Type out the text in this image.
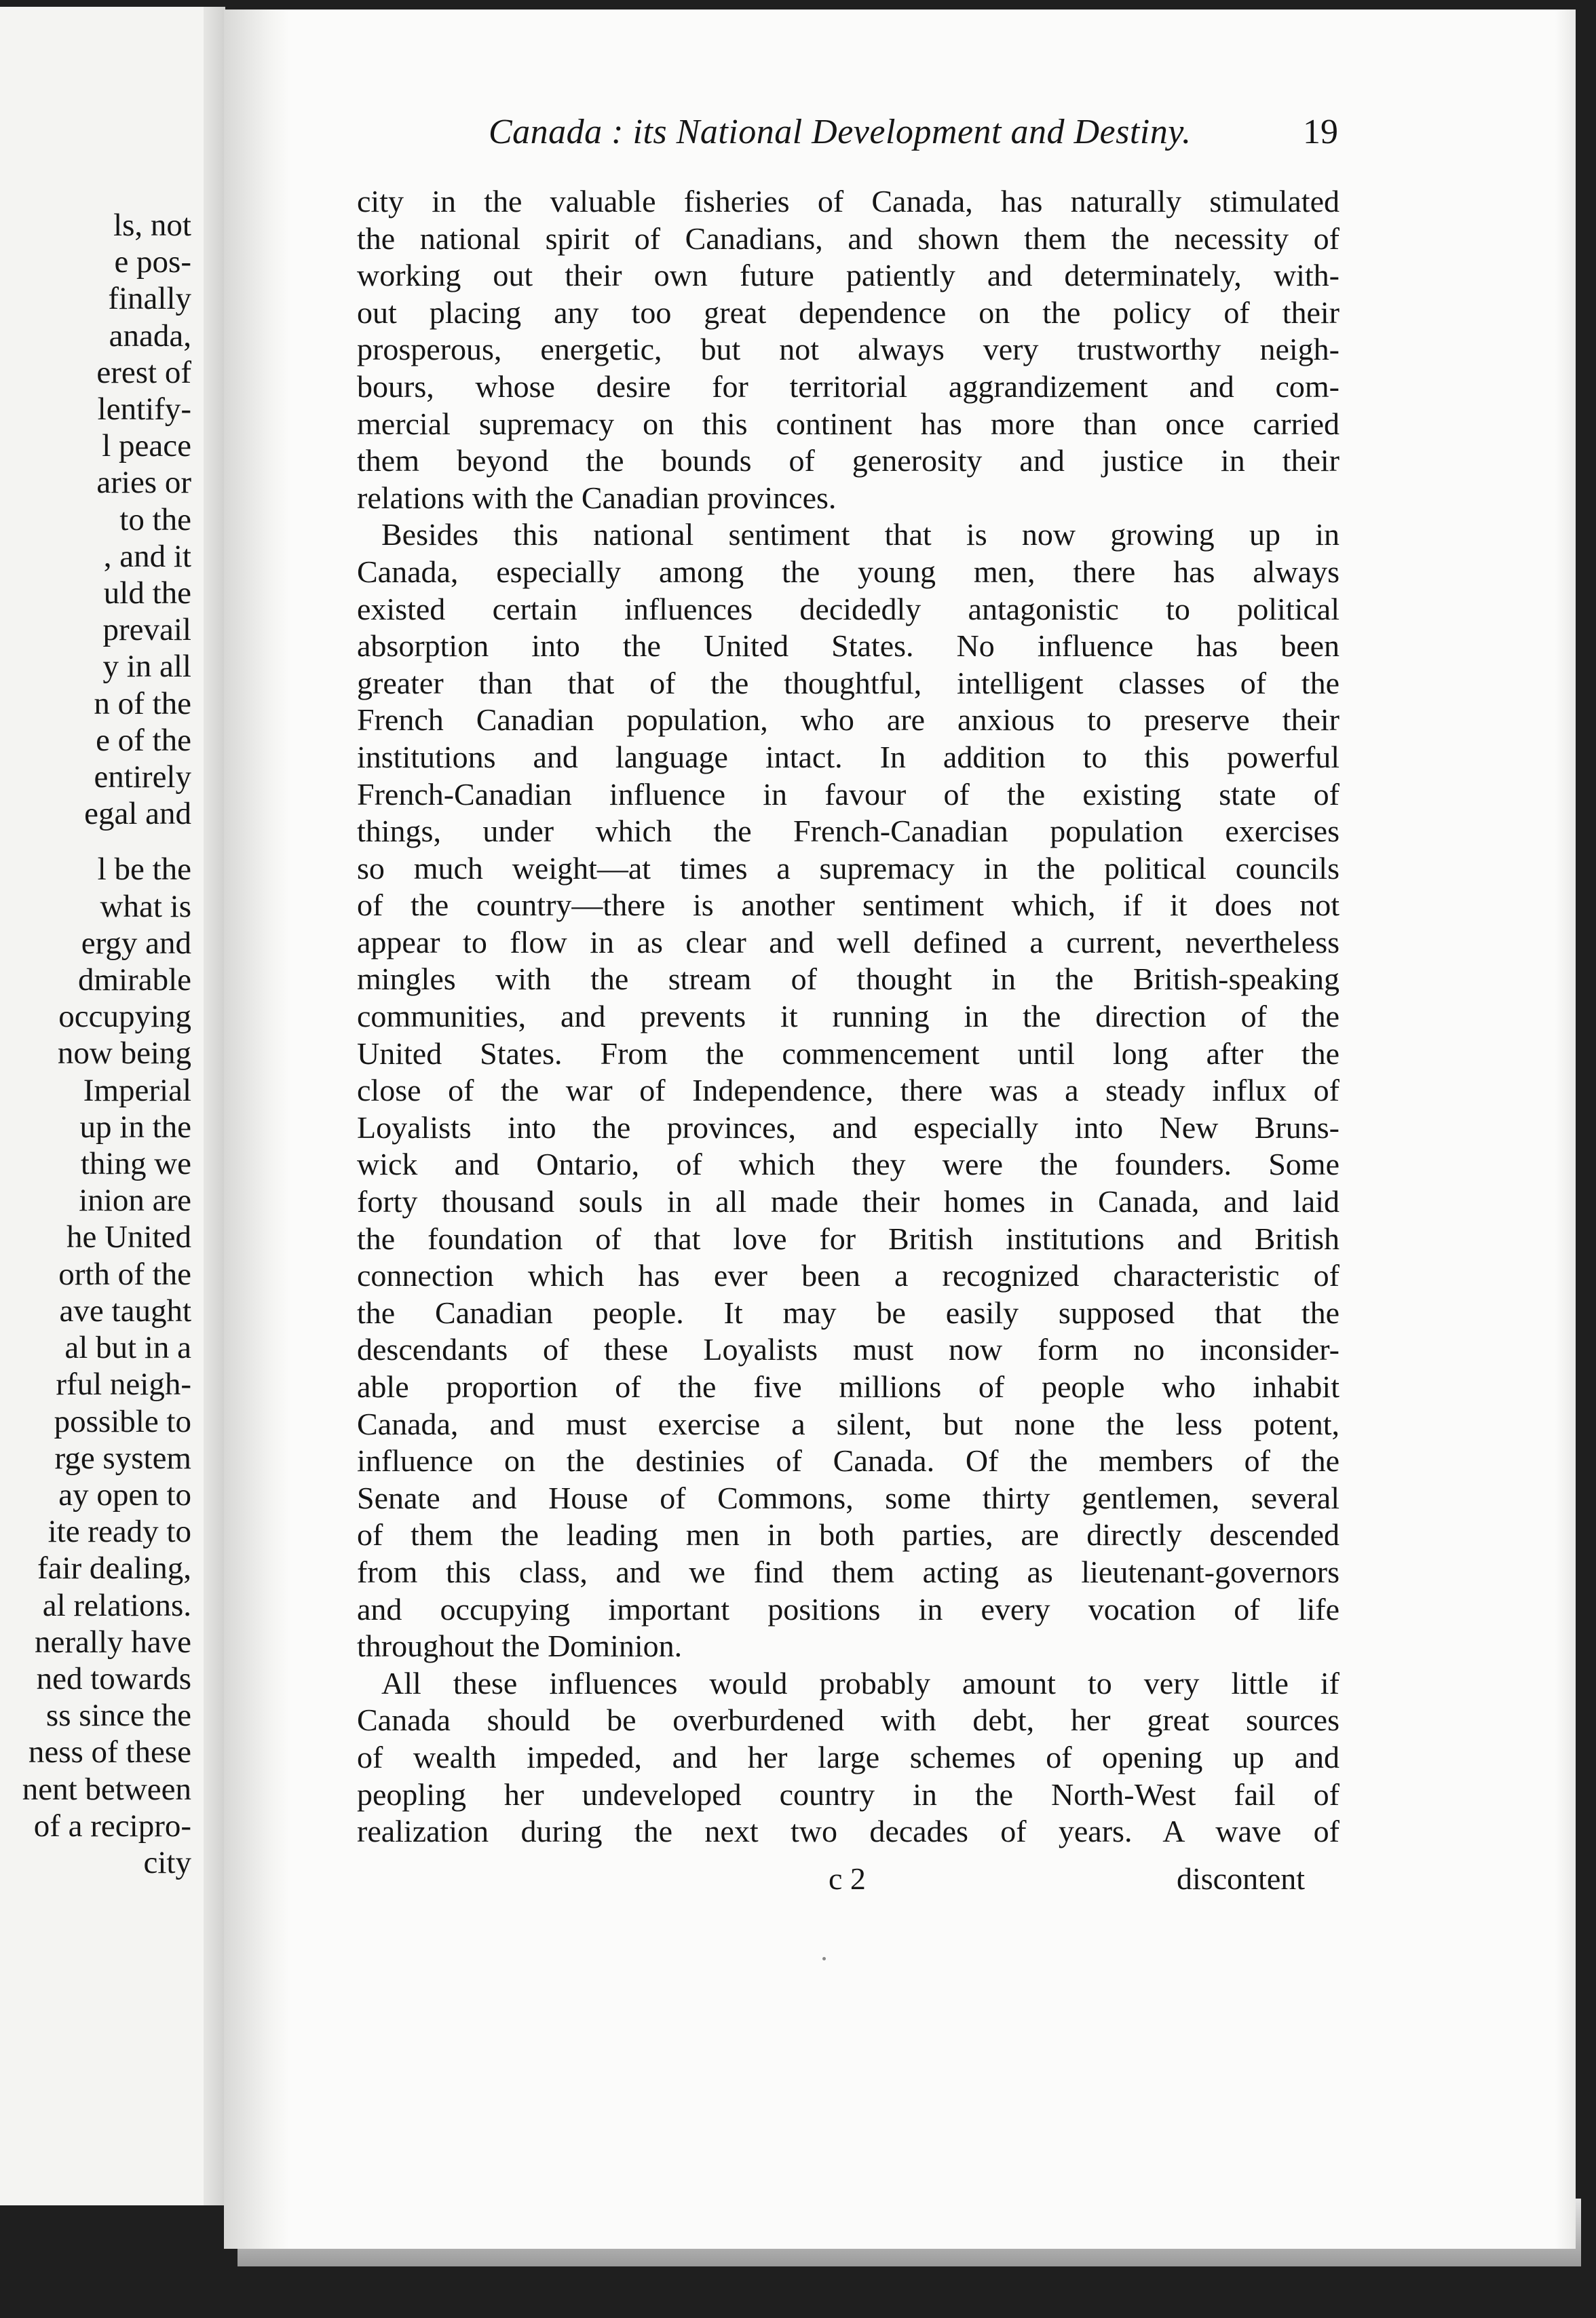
ls, not
e pos-
finally
anada,
erest of
lentify-
l peace
aries or
to the
, and it
uld the
prevail
y in all
n of the
e of the
entirely
egal and
l be the
what is
ergy and
dmirable
occupying
now being
Imperial
up in the
thing we
inion are
he United
orth of the
ave taught
al but in a
rful neigh-
possible to
rge system
ay open to
ite ready to
fair dealing,
al relations.
nerally have
ned towards
ss since the
ness of these
nent between
of a recipro-
city
Canada : its National Development and Destiny.	19
city in the valuable fisheries of Canada, has naturally stimulated
the national spirit of Canadians, and shown them the necessity of
working out their own future patiently and determinately, with-
out placing any too great dependence on the policy of their
prosperous, energetic, but not always very trustworthy neigh-
bours, whose desire for territorial aggrandizement and com-
mercial supremacy on this continent has more than once carried
them beyond the bounds of generosity and justice in their
relations with the Canadian provinces.
Besides this national sentiment that is now growing up in
Canada, especially among the young men, there has always
existed certain influences decidedly antagonistic to political
absorption into the United States. No influence has been
greater than that of the thoughtful, intelligent classes of the
French Canadian population, who are anxious to preserve their
institutions and language intact. In addition to this powerful
French-Canadian influence in favour of the existing state of
things, under which the French-Canadian population exercises
so much weight—at times a supremacy in the political councils
of the country—there is another sentiment which, if it does not
appear to flow in as clear and well defined a current, nevertheless
mingles with the stream of thought in the British-speaking
communities, and prevents it running in the direction of the
United States. From the commencement until long after the
close of the war of Independence, there was a steady influx of
Loyalists into the provinces, and especially into New Bruns-
wick and Ontario, of which they were the founders. Some
forty thousand souls in all made their homes in Canada, and laid
the foundation of that love for British institutions and British
connection which has ever been a recognized characteristic of
the Canadian people. It may be easily supposed that the
descendants of these Loyalists must now form no inconsider-
able proportion of the five millions of people who inhabit
Canada, and must exercise a silent, but none the less potent,
influence on the destinies of Canada. Of the members of the
Senate and House of Commons, some thirty gentlemen, several
of them the leading men in both parties, are directly descended
from this class, and we find them acting as lieutenant-governors
and occupying important positions in every vocation of life
throughout the Dominion.
All these influences would probably amount to very little if
Canada should be overburdened with debt, her great sources
of wealth impeded, and her large schemes of opening up and
peopling her undeveloped country in the North-West fail of
realization during the next two decades of years. A wave of
c 2	discontent
